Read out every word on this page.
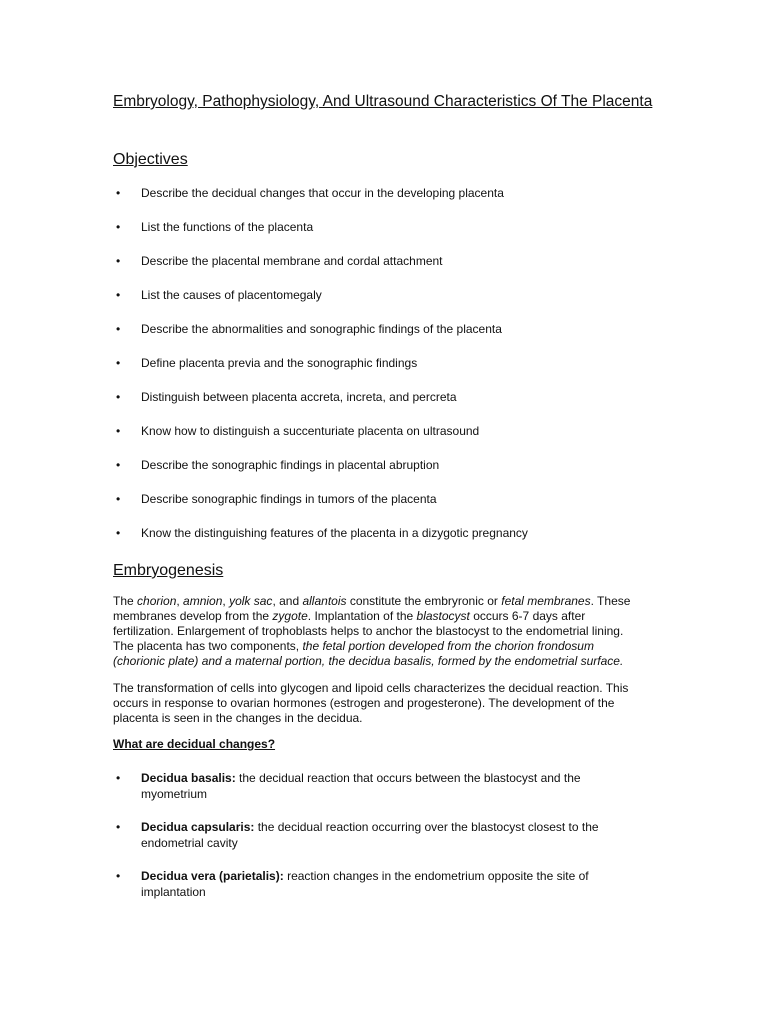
Embryology, Pathophysiology, And Ultrasound Characteristics Of The Placenta
Objectives
• Describe the decidual changes that occur in the developing placenta
• List the functions of the placenta
• Describe the placental membrane and cordal attachment
• List the causes of placentomegaly
• Describe the abnormalities and sonographic findings of the placenta
• Define placenta previa and the sonographic findings
• Distinguish between placenta accreta, increta, and percreta
• Know how to distinguish a succenturiate placenta on ultrasound
• Describe the sonographic findings in placental abruption
• Describe sonographic findings in tumors of the placenta
• Know the distinguishing features of the placenta in a dizygotic pregnancy
Embryogenesis

The chorion, amnion, yolk sac, and allantois constitute the embryronic or fetal membranes. These
membranes develop from the zygote. Implantation of the blastocyst occurs 6-7 days after
fertilization. Enlargement of trophoblasts helps to anchor the blastocyst to the endometrial lining.
The placenta has two components, the fetal portion developed from the chorion frondosum
(chorionic plate) and a maternal portion, the decidua basalis, formed by the endometrial surface.

The transformation of cells into glycogen and lipoid cells characterizes the decidual reaction. This
occurs in response to ovarian hormones (estrogen and progesterone). The development of the
placenta is seen in the changes in the decidua.

What are decidual changes?
• Decidua basalis: the decidual reaction that occurs between the blastocyst and the myometrium
• Decidua capsularis: the decidual reaction occurring over the blastocyst closest to the endometrial cavity
• Decidua vera (parietalis): reaction changes in the endometrium opposite the site of implantation
